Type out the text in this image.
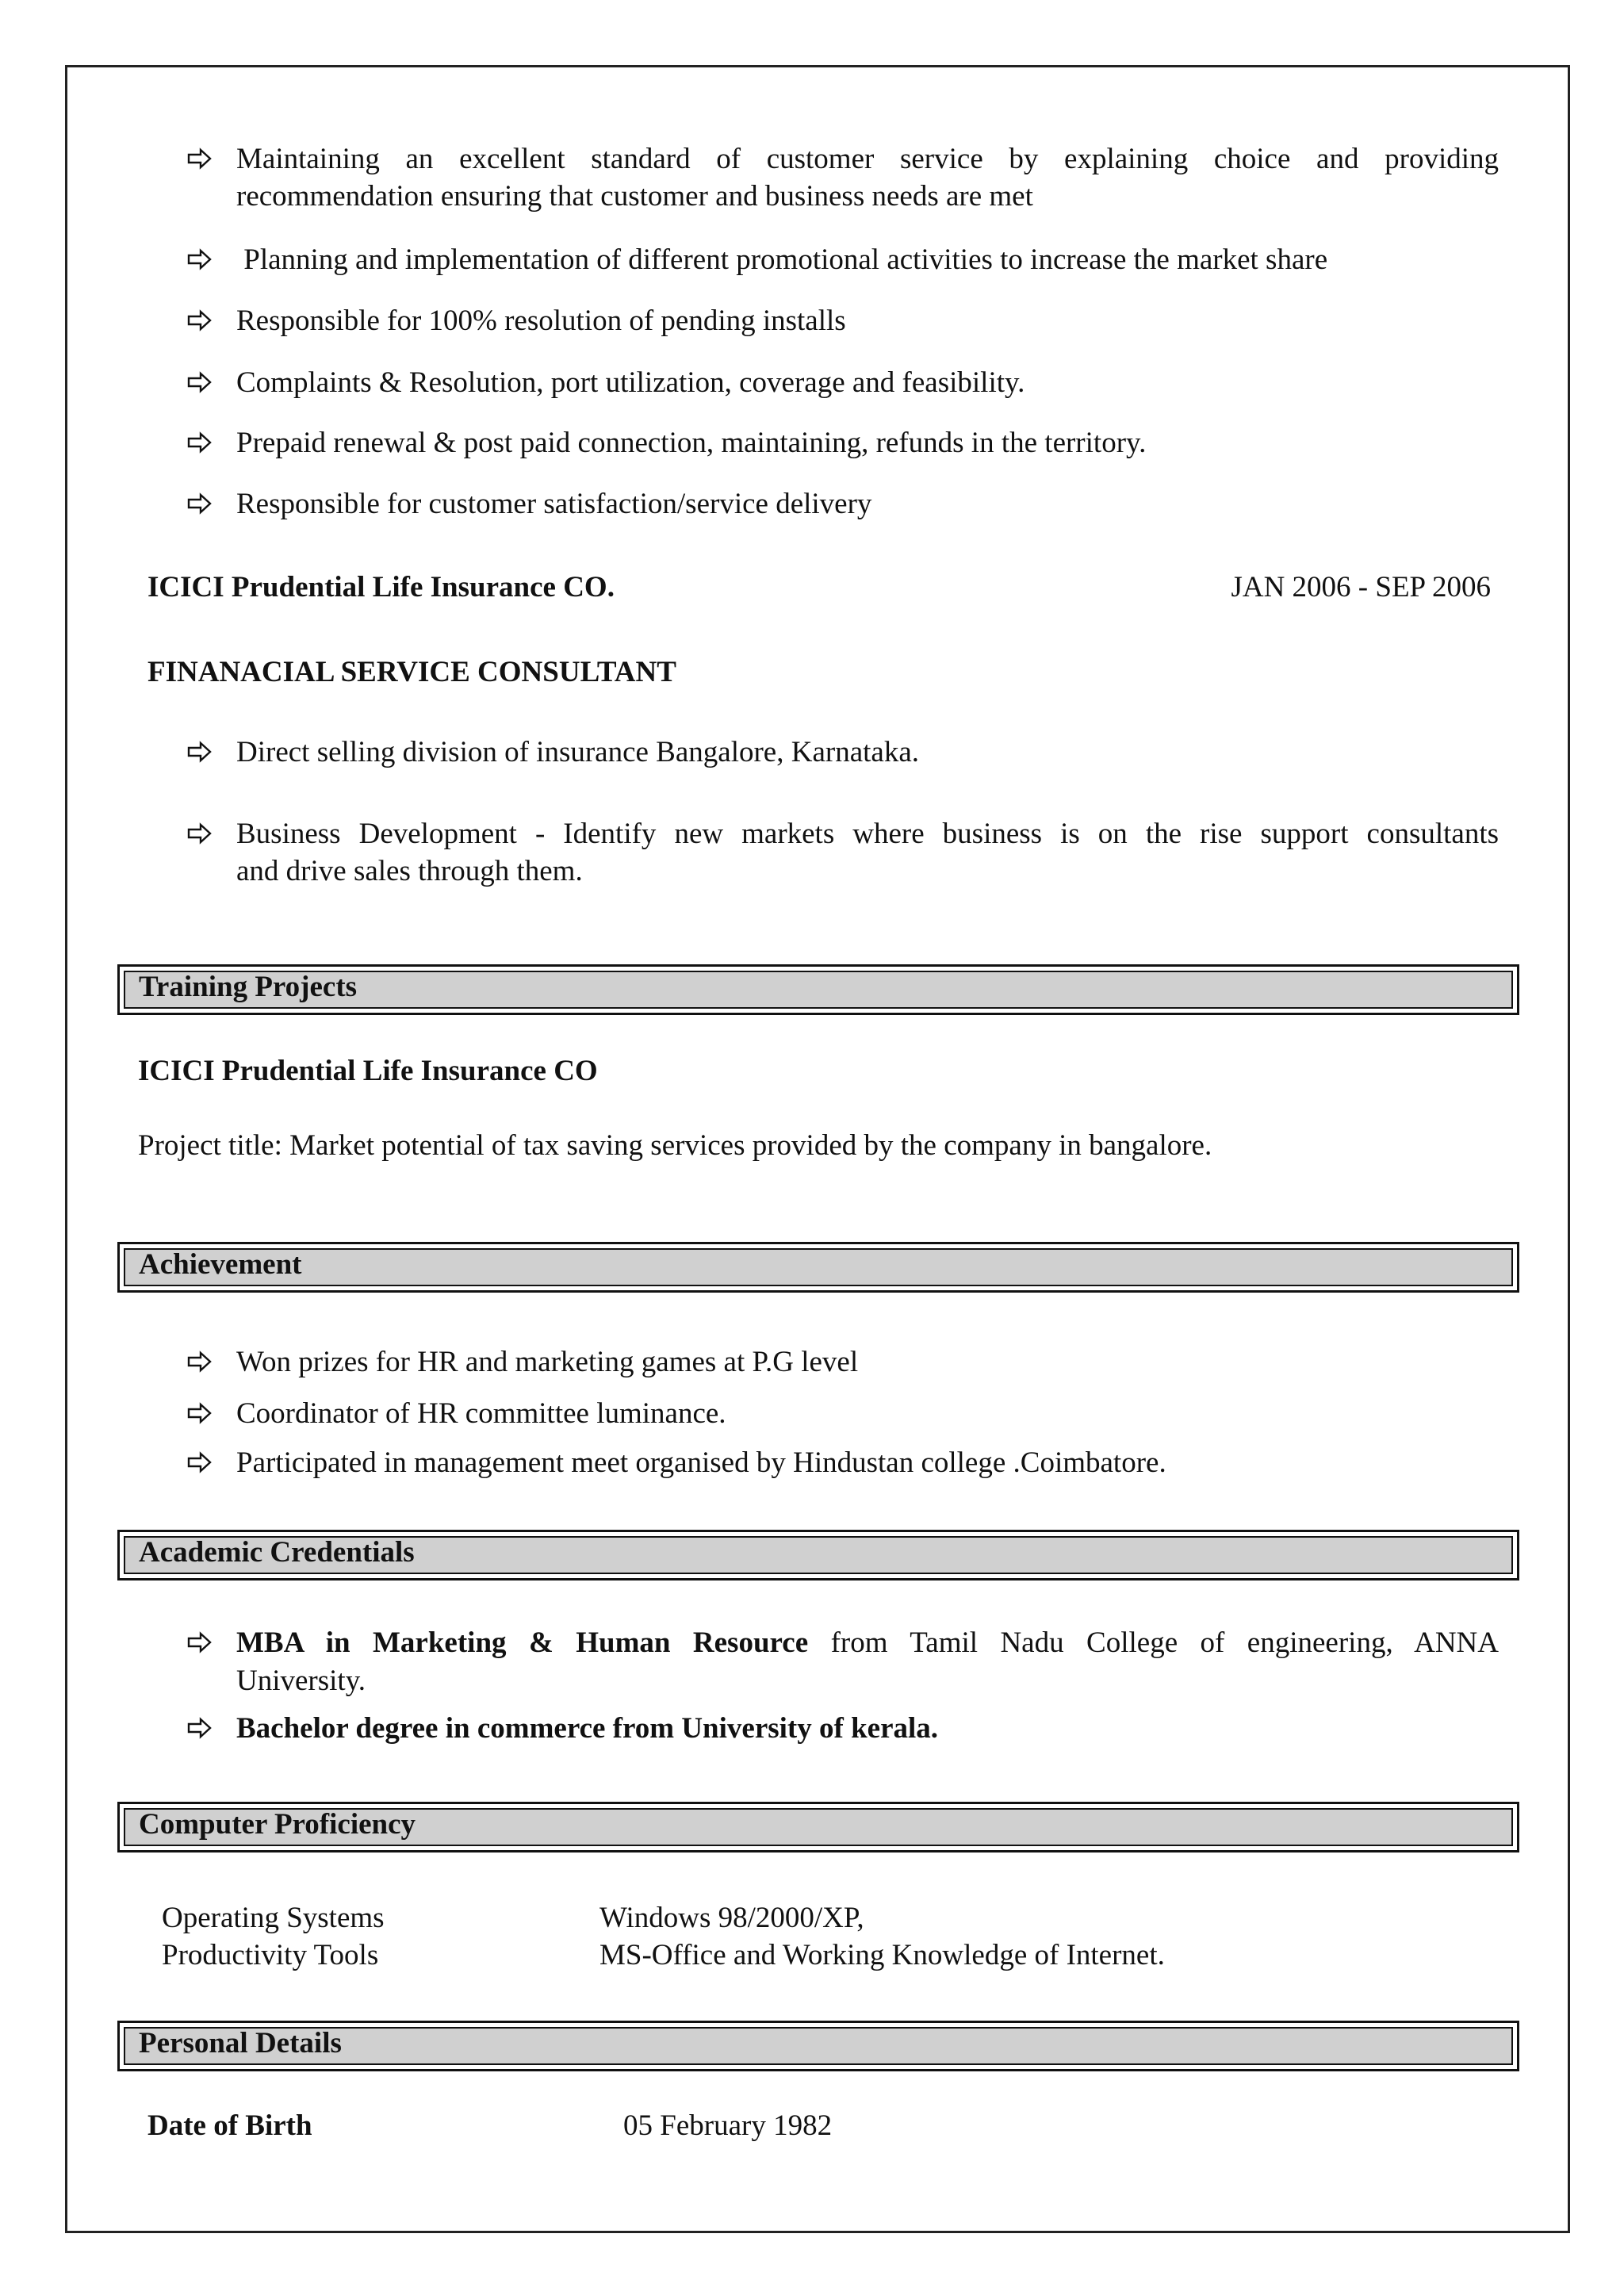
Maintaining an excellent standard of customer service by explaining choice and providing
recommendation ensuring that customer and business needs are met
Planning and implementation of different promotional activities to increase the market share
Responsible for 100% resolution of pending installs
Complaints & Resolution, port utilization, coverage and feasibility.
Prepaid renewal & post paid connection, maintaining, refunds in the territory.
Responsible for customer satisfaction/service delivery
ICICI Prudential Life Insurance CO.	JAN 2006 - SEP 2006
FINANACIAL SERVICE CONSULTANT
Direct selling division of insurance Bangalore, Karnataka.
Business Development - Identify new markets where business is on the rise support consultants
and drive sales through them.
Training Projects
ICICI Prudential Life Insurance CO
Project title: Market potential of tax saving services provided by the company in bangalore.
Achievement
Won prizes for HR and marketing games at P.G level
Coordinator of HR committee luminance.
Participated in management meet organised by Hindustan college .Coimbatore.
Academic Credentials
MBA in Marketing & Human Resource from Tamil Nadu College of engineering, ANNA
University.
Bachelor degree in commerce from University of kerala.
Computer Proficiency
Operating Systems	Windows 98/2000/XP,
Productivity Tools	MS-Office and Working Knowledge of Internet.
Personal Details
Date of Birth	05 February 1982
